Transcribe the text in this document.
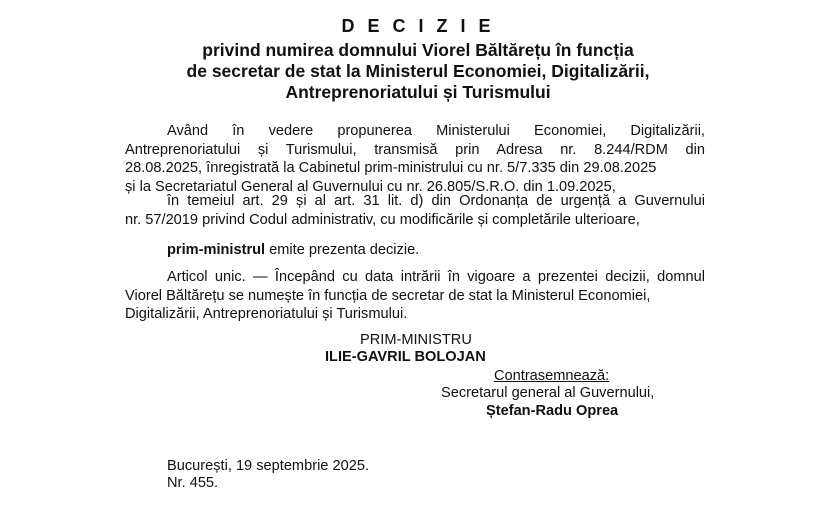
D E C I Z I E
privind numirea domnului Viorel Băltărețu în funcția
de secretar de stat la Ministerul Economiei, Digitalizării,
Antreprenoriatului și Turismului
Având în vedere propunerea Ministerului Economiei, Digitalizării,
Antreprenoriatului și Turismului, transmisă prin Adresa nr. 8.244/RDM din
28.08.2025, înregistrată la Cabinetul prim-ministrului cu nr. 5/7.335 din 29.08.2025
și la Secretariatul General al Guvernului cu nr. 26.805/S.R.O. din 1.09.2025,
în temeiul art. 29 și al art. 31 lit. d) din Ordonanța de urgență a Guvernului
nr. 57/2019 privind Codul administrativ, cu modificările și completările ulterioare,
prim-ministrul emite prezenta decizie.
Articol unic. — Începând cu data intrării în vigoare a prezentei decizii, domnul
Viorel Băltărețu se numește în funcția de secretar de stat la Ministerul Economiei,
Digitalizării, Antreprenoriatului și Turismului.
PRIM-MINISTRU
ILIE-GAVRIL BOLOJAN
Contrasemnează:
Secretarul general al Guvernului,
Ștefan-Radu Oprea
București, 19 septembrie 2025.
Nr. 455.
